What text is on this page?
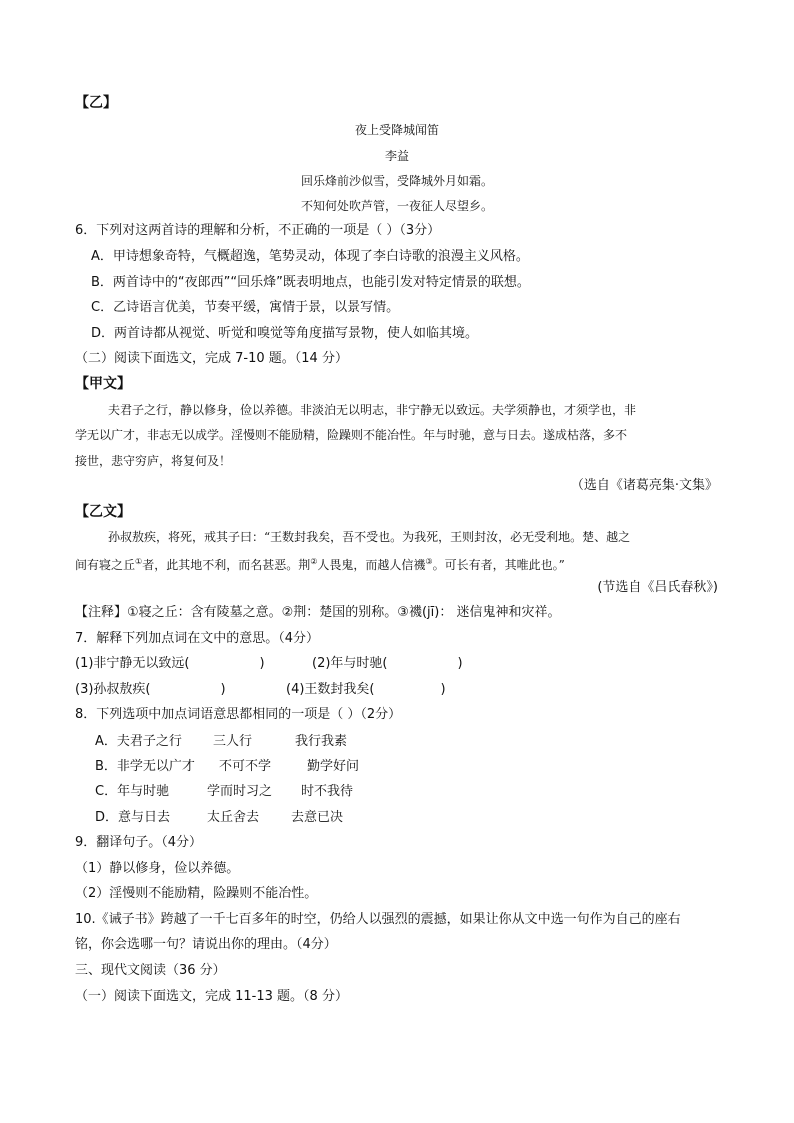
【乙】
夜上受降城闻笛
李益
回乐烽前沙似雪，受降城外月如霜。
不知何处吹芦管，一夜征人尽望乡。
6．下列对这两首诗的理解和分析，不正确的一项是（ ）（3分）
A．甲诗想象奇特，气概超逸，笔势灵动，体现了李白诗歌的浪漫主义风格。
B．两首诗中的“夜郎西”“回乐烽”既表明地点，也能引发对特定情景的联想。
C．乙诗语言优美，节奏平缓，寓情于景，以景写情。
D．两首诗都从视觉、听觉和嗅觉等角度描写景物，使人如临其境。
（二）阅读下面选文，完成 7-10 题。（14 分）
【甲文】
夫君子之行，静以修身，俭以养德。非淡泊无以明志，非宁静无以致远。夫学须静也，才须学也，非
学无以广才，非志无以成学。淫慢则不能励精，险躁则不能冶性。年与时驰，意与日去。遂成枯落，多不
接世，悲守穷庐，将复何及！
（选自《诸葛亮集·文集》
【乙文】
孙叔敖疾，将死，戒其子曰：“王数封我矣，吾不受也。为我死，王则封汝，必无受利地。楚、越之
间有寝之丘①者，此其地不利，而名甚恶。荆②人畏鬼，而越人信禨③。可长有者，其唯此也。”
(节选自《吕氏春秋》)
【注释】①寝之丘：含有陵墓之意。②荆：楚国的别称。③禨(jī)： 迷信鬼神和灾祥。
7．解释下列加点词在文中的意思。（4分）
(1)非宁静无以致远(	)	(2)年与时驰(	)
(3)孙叔敖疾(	)	(4)王数封我矣(	)
8．下列选项中加点词语意思都相同的一项是（ ）（2分）
A．夫君子之行 三人行	我行我素
B．非学无以广才 不可不学	勤学好问
C．年与时驰	学而时习之 时不我待
D．意与日去	太丘舍去 去意已决
9．翻译句子。（4分）
（1）静以修身，俭以养德。
（2）淫慢则不能励精，险躁则不能冶性。
10.《诫子书》跨越了一千七百多年的时空，仍给人以强烈的震撼，如果让你从文中选一句作为自己的座右
铭，你会选哪一句？请说出你的理由。（4分）
三、现代文阅读（36 分）
（一）阅读下面选文，完成 11-13 题。（8 分）
